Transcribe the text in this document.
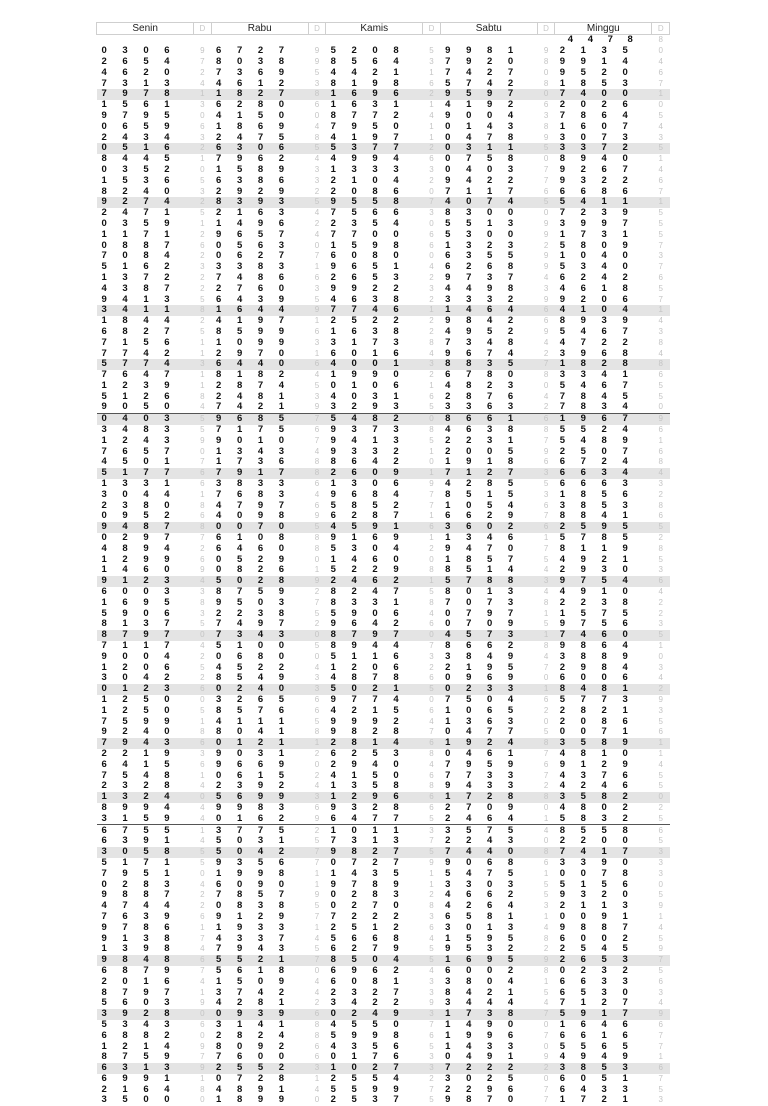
Senin				D	Rabu				D	Kamis				D	Sabtu				D	Minggu	D
																				4 4 7 8	8
0 3 0 6				9	6 7 2 7				9	5 2 0 8				5	9 9 8 1				9	2 1 3 5	0
2 6 5 4				7	8 0 3 8				9	8 5 6 4				3	7 9 2 0				8	9 9 1 4	4
4 6 2 0				2	7 3 6 9				5	4 4 2 1				1	7 4 2 7				0	9 5 2 0	6
7 3 1 3				4	4 6 1 2				3	8 1 9 8				6	5 7 4 2				8	1 8 5 3	7
7 9 7 8				1	1 8 2 7				8	1 6 9 6				2	9 5 9 7				0	7 4 0 0	1
1 5 6 1				3	6 2 8 0				6	1 6 3 1				1	4 1 9 2				6	2 0 2 6	0
9 7 9 5				0	4 1 5 0				0	8 7 7 2				4	9 0 0 4				3	7 8 6 4	5
0 6 5 9				6	1 8 6 9				4	7 9 5 0				1	0 1 4 3				8	1 6 0 7	4
2 4 3 4				3	2 4 7 5				8	4 1 9 7				1	0 4 7 8				9	3 0 7 3	3
0 5 1 6				2	6 3 0 6				5	5 3 7 7				2	0 3 1 1				5	3 3 7 2	5
8 4 4 5				1	7 9 6 2				4	4 9 9 4				6	0 7 5 8				0	8 9 4 0	1
0 3 5 2				0	1 5 8 9				3	1 3 3 3				3	0 4 0 3				7	9 2 6 7	4
1 5 3 6				5	6 3 8 6				3	2 1 0 4				2	9 4 2 2				7	9 3 2 2	6
8 2 4 0				3	2 9 2 9				2	2 0 8 6				0	7 1 1 7				6	6 6 8 6	7
9 2 7 4				2	8 3 9 3				5	9 5 5 8				7	4 0 7 4				5	5 4 1 1	1
2 4 7 1				5	2 1 6 3				4	7 5 6 6				3	8 3 0 0				0	7 2 3 9	5
0 3 5 9				1	1 4 9 6				2	2 3 5 4				0	5 5 1 3				9	3 9 9 7	5
1 1 7 1				2	9 6 5 7				4	7 7 0 0				6	5 3 0 0				9	1 7 3 1	5
0 8 8 7				6	0 5 6 3				0	1 5 9 8				6	1 3 2 3				2	5 8 0 9	7
7 0 8 4				2	0 6 2 7				7	6 0 8 0				0	6 3 5 5				9	1 0 4 0	3
5 1 6 2				3	3 3 8 3				1	9 6 5 1				4	6 2 6 8				9	5 3 4 0	7
1 3 7 2				2	7 4 8 6				6	2 6 5 3				2	9 7 3 7				4	6 2 4 2	6
4 3 8 7				2	2 7 6 0				3	9 9 2 2				3	4 4 9 8				3	4 6 1 8	5
9 4 1 3				5	6 4 3 9				5	4 6 3 8				2	3 3 3 2				9	9 2 0 6	7
3 4 1 1				8	1 6 4 4				9	7 7 4 6				1	1 4 6 4				6	4 1 0 4	1
1 8 4 4				2	4 1 9 7				1	2 5 2 2				2	9 8 4 2				6	8 9 3 9	4
6 8 2 7				5	8 5 9 9				6	1 6 3 8				2	4 9 5 2				9	5 4 6 7	3
7 1 5 6				1	1 0 9 9				3	3 1 7 3				8	7 3 4 8				4	4 7 2 2	8
7 7 4 2				1	2 9 7 0				1	6 0 1 6				4	9 6 7 4				2	3 9 6 8	4
5 7 7 4				3	6 4 4 0				6	4 0 0 1				3	8 8 3 5				7	1 8 2 8	8
7 6 4 7				1	8 1 8 2				4	1 9 9 0				2	6 7 8 0				8	3 3 4 1	6
1 2 3 9				1	2 8 7 4				5	0 1 0 6				1	4 8 2 3				0	5 4 6 7	5
5 1 2 6				8	2 4 8 1				3	4 0 3 1				6	2 8 7 6				4	7 8 4 5	5
9 0 5 0				4	7 4 2 1				9	3 2 9 3				5	3 3 6 3				2	7 8 3 4	0
0 4 0 3				5	9 6 8 5				7	5 4 8 2				0	8 6 6 1				6	1 9 6 7	9
3 4 8 3				5	7 1 7 5				6	9 3 7 3				8	4 6 3 8				8	5 5 2 4	6
1 2 4 3				9	9 0 1 0				7	9 4 1 3				5	2 2 3 1				7	5 4 8 9	1
7 6 5 7				0	1 3 4 3				4	9 3 3 2				1	2 0 0 5				9	2 5 0 7	6
4 5 0 1				7	1 7 3 6				8	8 6 4 2				0	1 9 1 8				6	6 7 2 4	8
5 1 7 7				6	7 9 1 7				8	2 6 0 9				1	7 1 2 7				3	6 6 3 4	4
1 3 3 1				6	3 8 3 3				6	1 3 0 6				9	4 2 8 5				5	6 6 6 3	3
3 0 4 4				1	7 6 8 3				4	9 6 8 4				7	8 5 1 5				3	1 8 5 6	2
2 3 8 0				8	4 7 9 7				6	5 8 5 2				7	1 0 5 4				6	3 8 5 3	8
0 9 5 2				6	4 0 9 8				9	6 2 8 7				1	6 6 2 9				7	8 8 4 1	6
9 4 8 7				8	0 0 7 0				5	4 5 9 1				6	3 6 0 2				6	2 5 9 5	5
0 2 9 7				7	6 1 0 8				8	9 1 6 9				1	1 3 4 6				1	5 7 8 5	2
4 8 9 4				2	6 4 6 0				8	5 3 0 4				2	9 4 7 0				7	8 1 1 9	8
1 2 9 9				6	0 5 2 9				0	1 4 6 0				0	1 8 5 7				5	4 9 2 1	5
1 4 6 0				9	0 8 2 6				1	5 2 2 9				8	8 5 1 4				4	2 9 3 0	3
9 1 2 3				4	5 0 2 8				9	2 4 6 2				1	5 7 8 8				3	9 7 5 4	6
6 0 0 3				3	8 7 5 9				2	8 2 4 7				5	8 0 1 3				4	4 9 1 0	4
1 6 9 5				8	9 5 0 3				7	8 3 3 1				8	7 0 7 3				8	2 2 3 8	2
5 9 0 6				3	2 2 3 8				5	5 9 0 6				4	0 7 9 7				1	1 5 7 5	2
8 1 3 7				5	7 4 9 7				2	9 6 4 2				6	0 7 0 9				5	9 7 5 6	3
8 7 9 7				0	7 3 4 3				0	8 7 9 7				0	4 5 7 3				1	7 4 6 0	5
7 1 1 7				4	5 1 0 0				5	8 9 4 4				7	8 6 6 2				8	9 8 6 4	1
9 0 0 4				2	0 6 8 0				0	5 1 1 6				3	3 8 4 9				4	3 8 8 9	0
1 2 0 6				5	4 5 2 2				4	1 2 0 6				2	2 1 9 5				7	2 9 8 4	3
3 0 4 2				2	8 5 4 9				3	4 8 7 8				6	0 9 6 9				0	6 0 0 6	4
0 1 2 3				6	0 2 4 0				3	5 0 2 1				5	0 2 3 3				1	8 4 8 1	2
1 2 5 0				0	3 2 6 5				6	9 7 7 4				0	7 5 0 4				6	5 7 7 3	9
1 2 5 0				5	8 5 7 6				6	4 2 1 5				6	1 0 6 5				2	2 8 2 1	3
7 5 9 9				1	4 1 1 1				5	9 9 9 2				4	1 3 6 3				0	2 0 8 6	5
9 2 4 0				8	8 0 4 1				8	9 8 2 8				7	0 4 7 7				5	0 0 7 1	6
7 9 4 3				6	0 1 2 1				1	2 8 1 4				6	1 9 2 4				8	3 5 8 9	1
2 2 1 9				3	9 0 3 1				2	6 2 5 3				8	0 4 6 1				7	4 8 1 0	1
6 4 1 5				6	9 6 6 9				0	2 9 4 0				4	7 9 5 9				6	9 1 2 9	4
7 5 4 8				1	0 6 1 5				2	4 1 5 0				6	7 7 3 3				7	4 3 7 6	5
2 3 2 8				4	2 3 9 2				4	1 3 5 8				8	9 4 3 3				2	4 2 4 6	5
1 3 2 4				0	5 6 9 9				3	1 2 9 6				6	1 7 2 8				8	3 5 8 2	0
8 9 9 4				4	9 9 8 3				6	9 3 2 8				6	2 7 0 9				0	4 8 0 2	2
3 1 5 9				4	0 1 6 2				9	6 4 7 7				5	2 4 6 4				1	5 8 3 2	5
6 7 5 5				1	3 7 7 5				2	1 0 1 1				3	3 5 7 5				4	8 5 5 8	6
6 3 9 1				4	5 0 3 1				5	7 3 1 3				7	2 2 4 3				0	2 2 0 0	5
3 0 5 8				5	5 0 4 2				7	9 8 2 7				5	7 4 4 0				8	7 4 1 7	3
5 1 7 1				5	9 3 5 6				7	0 7 2 7				9	9 0 6 8				6	3 3 9 0	3
7 9 5 1				0	1 9 9 8				1	1 4 3 5				1	5 4 7 5				1	0 0 7 8	3
0 2 8 3				4	6 0 9 0				1	9 7 8 9				1	3 3 0 3				5	5 1 5 6	0
9 8 8 7				2	7 8 5 7				9	0 2 8 3				2	4 6 6 2				5	9 3 2 0	5
4 7 4 4				2	0 8 3 8				5	0 2 7 0				8	4 2 6 4				3	2 1 1 3	9
7 6 3 9				6	9 1 2 9				7	7 2 2 2				3	6 5 8 1				1	0 0 9 1	1
9 7 8 6				1	1 9 3 3				1	2 5 1 2				6	3 0 1 3				4	9 8 8 7	4
9 1 3 8				7	4 3 3 7				4	5 6 6 8				4	1 5 9 5				8	6 0 0 2	5
1 3 9 8				4	7 9 4 3				5	6 2 7 9				5	9 5 3 2				2	2 5 4 5	9
9 8 4 8				6	5 5 2 1				7	8 5 0 4				5	1 6 9 5				9	2 6 5 3	7
6 8 7 9				7	5 6 1 8				0	6 9 6 2				4	6 0 0 2				8	0 2 3 2	5
2 0 1 6				4	1 5 0 9				4	6 0 8 1				3	3 8 0 4				1	6 6 3 3	6
8 7 9 7				1	3 7 4 2				4	2 3 2 7				3	8 4 2 1				5	6 5 3 0	3
5 6 0 3				9	4 2 8 1				2	3 4 2 2				9	3 4 4 4				4	7 1 2 7	4
3 9 2 8				0	0 9 3 9				6	0 2 4 9				3	1 7 3 8				7	5 9 1 7	9
5 3 4 3				6	3 1 4 1				8	4 5 5 0				7	1 4 9 0				0	1 6 4 6	6
6 8 8 2				0	2 8 2 4				8	5 9 9 8				6	1 9 9 6				7	6 6 1 6	7
1 2 1 4				9	8 0 9 2				6	4 3 5 6				5	1 4 3 3				0	5 5 6 5	7
8 7 5 9				7	7 6 0 0				6	0 1 7 6				3	0 4 9 1				9	4 9 4 9	1
6 3 1 3				9	2 5 5 2				3	1 0 2 7				3	7 2 2 2				2	3 8 5 3	6
6 9 9 1				1	0 7 2 8				1	2 5 5 4				2	3 0 2 5				0	6 0 5 1	7
2 1 6 4				8	4 8 9 1				4	5 5 9 9				7	2 2 9 6				7	6 4 3 3	5
3 5 0 0				0	1 8 9 9				0	2 5 3 7				5	9 8 7 0				7	1 7 2 1	3
